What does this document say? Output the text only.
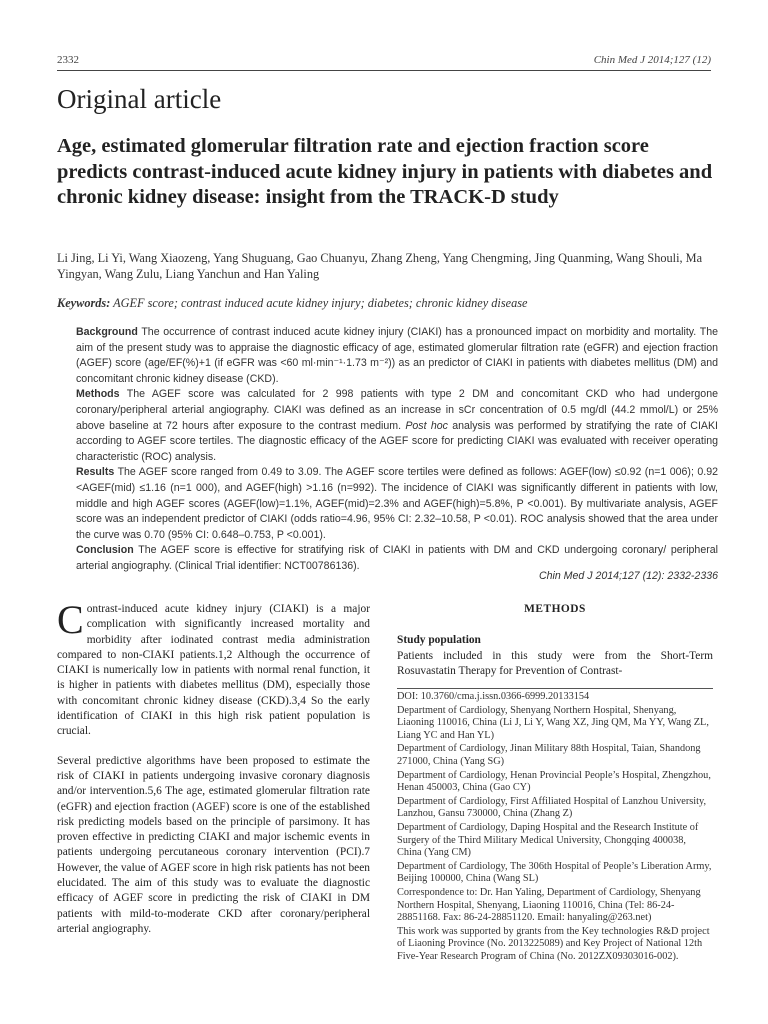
2332	Chin Med J 2014;127 (12)
Original article
Age, estimated glomerular filtration rate and ejection fraction score predicts contrast-induced acute kidney injury in patients with diabetes and chronic kidney disease: insight from the TRACK-D study
Li Jing, Li Yi, Wang Xiaozeng, Yang Shuguang, Gao Chuanyu, Zhang Zheng, Yang Chengming, Jing Quanming, Wang Shouli, Ma Yingyan, Wang Zulu, Liang Yanchun and Han Yaling
Keywords: AGEF score; contrast induced acute kidney injury; diabetes; chronic kidney disease

Background The occurrence of contrast induced acute kidney injury (CIAKI) has a pronounced impact on morbidity and mortality. The aim of the present study was to appraise the diagnostic efficacy of age, estimated glomerular filtration rate (eGFR) and ejection fraction (AGEF) score (age/EF(%)+1 (if eGFR was <60 ml·min⁻¹·1.73 m⁻²)) as an predictor of CIAKI in patients with diabetes mellitus (DM) and concomitant chronic kidney disease (CKD).

Methods The AGEF score was calculated for 2 998 patients with type 2 DM and concomitant CKD who had undergone coronary/peripheral arterial angiography. CIAKI was defined as an increase in sCr concentration of 0.5 mg/dl (44.2 mmol/L) or 25% above baseline at 72 hours after exposure to the contrast medium. Post hoc analysis was performed by stratifying the rate of CIAKI according to AGEF score tertiles. The diagnostic efficacy of the AGEF score for predicting CIAKI was evaluated with receiver operating characteristic (ROC) analysis.

Results The AGEF score ranged from 0.49 to 3.09. The AGEF score tertiles were defined as follows: AGEF(low) ≤0.92 (n=1 006); 0.92 <AGEF(mid) ≤1.16 (n=1 000), and AGEF(high) >1.16 (n=992). The incidence of CIAKI was significantly different in patients with low, middle and high AGEF scores (AGEF(low)=1.1%, AGEF(mid)=2.3% and AGEF(high)=5.8%, P <0.001). By multivariate analysis, AGEF score was an independent predictor of CIAKI (odds ratio=4.96, 95% CI: 2.32–10.58, P <0.01). ROC analysis showed that the area under the curve was 0.70 (95% CI: 0.648–0.753, P <0.001).

Conclusion The AGEF score is effective for stratifying risk of CIAKI in patients with DM and CKD undergoing coronary/ peripheral arterial angiography. (Clinical Trial identifier: NCT00786136).

Chin Med J 2014;127 (12): 2332-2336

C ontrast-induced acute kidney injury (CIAKI) is a major complication with significantly increased mortality and morbidity after iodinated contrast media administration compared to non-CIAKI patients.1,2 Although the occurrence of CIAKI is numerically low in patients with normal renal function, it is higher in patients with diabetes mellitus (DM), especially those with concomitant chronic kidney disease (CKD).3,4 So the early identification of CIAKI in this high risk patient population is crucial.

Several predictive algorithms have been proposed to estimate the risk of CIAKI in patients undergoing invasive coronary diagnosis and/or intervention.5,6 The age, estimated glomerular filtration rate (eGFR) and ejection fraction (AGEF) score is one of the established risk predicting models based on the principle of parsimony. It has proven effective in predicting CIAKI and major ischemic events in patients undergoing percutaneous coronary intervention (PCI).7 However, the value of AGEF score in high risk patients has not been elucidated. The aim of this study was to evaluate the diagnostic efficacy of AGEF score in predicting the risk of CIAKI in DM patients with mild-to-moderate CKD after coronary/peripheral arterial angiography.

METHODS
Study population
Patients included in this study were from the Short-Term Rosuvastatin Therapy for Prevention of Contrast-
DOI: 10.3760/cma.j.issn.0366-6999.20133154
Department of Cardiology, Shenyang Northern Hospital, Shenyang, Liaoning 110016, China (Li J, Li Y, Wang XZ, Jing QM, Ma YY, Wang ZL, Liang YC and Han YL)
Department of Cardiology, Jinan Military 88th Hospital, Taian, Shandong 271000, China (Yang SG)
Department of Cardiology, Henan Provincial People’s Hospital, Zhengzhou, Henan 450003, China (Gao CY)
Department of Cardiology, First Affiliated Hospital of Lanzhou University, Lanzhou, Gansu 730000, China (Zhang Z)
Department of Cardiology, Daping Hospital and the Research Institute of Surgery of the Third Military Medical University, Chongqing 400038, China (Yang CM)
Department of Cardiology, The 306th Hospital of People’s Liberation Army, Beijing 100000, China (Wang SL)
Correspondence to: Dr. Han Yaling, Department of Cardiology, Shenyang Northern Hospital, Shenyang, Liaoning 110016, China (Tel: 86-24-28851168. Fax: 86-24-28851120. Email: hanyaling@263.net)
This work was supported by grants from the Key technologies R&D project of Liaoning Province (No. 2013225089) and Key Project of National 12th Five-Year Research Program of China (No. 2012ZX09303016-002).
